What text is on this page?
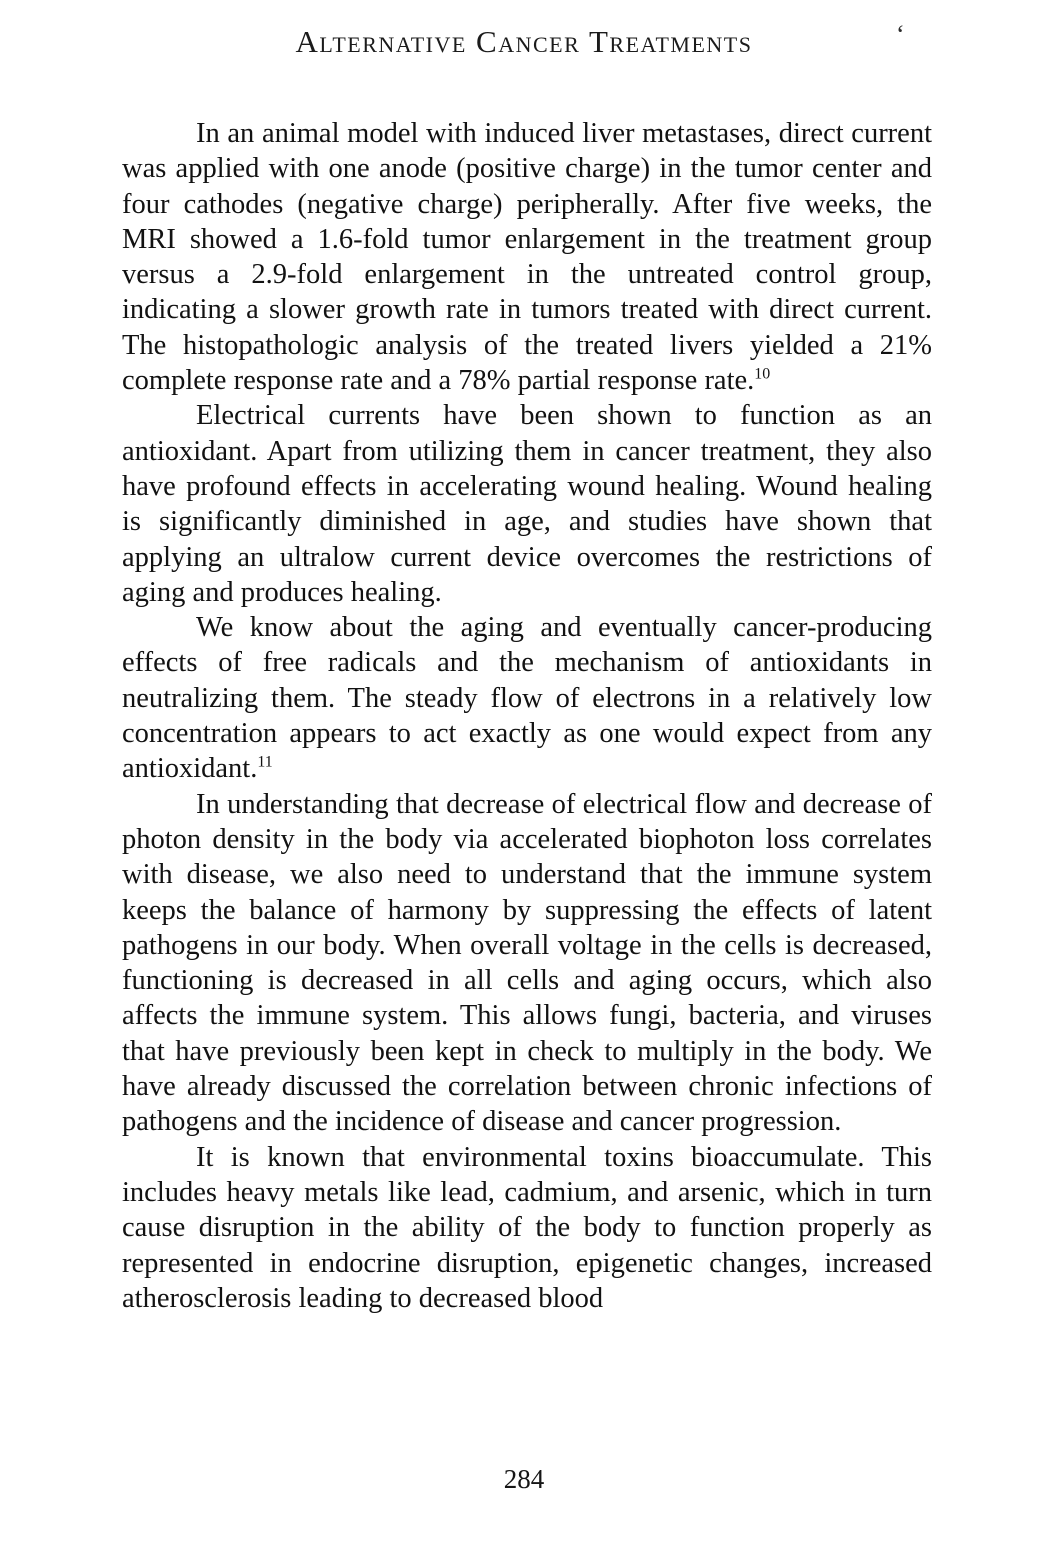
Alternative Cancer Treatments	‘

In an animal model with induced liver metastases, direct current was applied with one anode (positive charge) in the tumor center and four cathodes (negative charge) peripherally. After five weeks, the MRI showed a 1.6-fold tumor enlargement in the treatment group versus a 2.9-fold enlargement in the untreated control group, indicating a slower growth rate in tumors treated with direct current. The histopathologic analysis of the treated livers yielded a 21% complete response rate and a 78% partial response rate.$^{10}$

Electrical currents have been shown to function as an antioxidant. Apart from utilizing them in cancer treatment, they also have profound effects in accelerating wound healing. Wound healing is significantly diminished in age, and studies have shown that applying an ultralow current device overcomes the restrictions of aging and produces healing.

We know about the aging and eventually cancer-producing effects of free radicals and the mechanism of antioxidants in neutralizing them. The steady flow of electrons in a relatively low concentration appears to act exactly as one would expect from any antioxidant.$^{11}$

In understanding that decrease of electrical flow and decrease of photon density in the body via accelerated biophoton loss correlates with disease, we also need to understand that the immune system keeps the balance of harmony by suppressing the effects of latent pathogens in our body. When overall voltage in the cells is decreased, functioning is decreased in all cells and aging occurs, which also affects the immune system. This allows fungi, bacteria, and viruses that have previously been kept in check to multiply in the body. We have already discussed the correlation between chronic infections of pathogens and the incidence of disease and cancer progression.

It is known that environmental toxins bioaccumulate. This includes heavy metals like lead, cadmium, and arsenic, which in turn cause disruption in the ability of the body to function properly as represented in endocrine disruption, epigenetic changes, increased atherosclerosis leading to decreased blood

284
